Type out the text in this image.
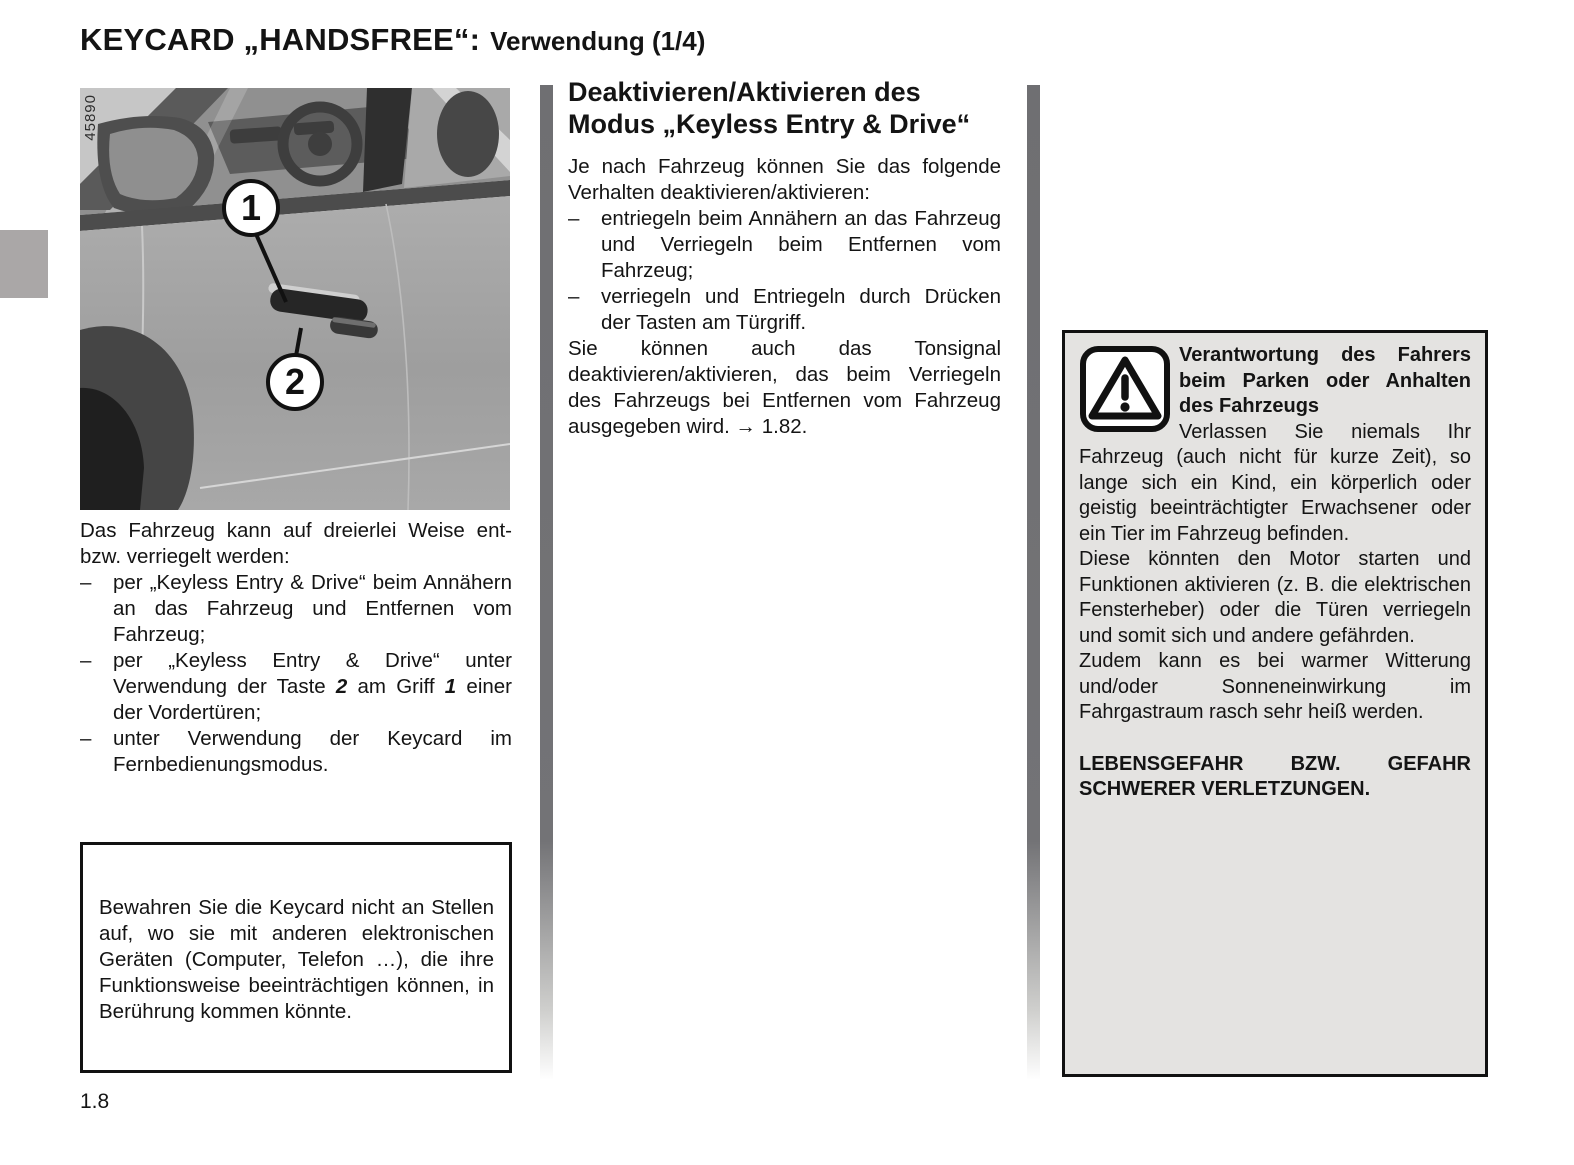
KEYCARD „HANDSFREE“: Verwendung (1/4)
45890
1
2

Das Fahrzeug kann auf dreierlei Weise ent- bzw. verriegelt werden:

–	per „Keyless Entry & Drive“ beim Annähern an das Fahrzeug und Entfernen vom Fahrzeug;
–	per „Keyless Entry & Drive“ unter Verwendung der Taste 2 am Griff 1 einer der Vordertüren;
–	unter Verwendung der Keycard im Fernbedienungsmodus.

Bewahren Sie die Keycard nicht an Stellen auf, wo sie mit anderen elektronischen Geräten (Computer, Telefon …), die ihre Funktionsweise beeinträchtigen können, in Berührung kommen könnte.

Deaktivieren/Aktivieren des Modus „Keyless Entry & Drive“

Je nach Fahrzeug können Sie das folgende Verhalten deaktivieren/aktivieren:

–	entriegeln beim Annähern an das Fahrzeug und Verriegeln beim Entfernen vom Fahrzeug;
–	verriegeln und Entriegeln durch Drücken der Tasten am Türgriff.

Sie können auch das Tonsignal deaktivieren/aktivieren, das beim Verriegeln des Fahrzeugs bei Entfernen vom Fahrzeug ausgegeben wird. → 1.82.

Verantwortung des Fahrers beim Parken oder Anhalten des Fahrzeugs

Verlassen Sie niemals Ihr Fahrzeug (auch nicht für kurze Zeit), so lange sich ein Kind, ein körperlich oder geistig beeinträchtigter Erwachsener oder ein Tier im Fahrzeug befinden.

Diese könnten den Motor starten und Funktionen aktivieren (z. B. die elektrischen Fensterheber) oder die Türen verriegeln und somit sich und andere gefährden.

Zudem kann es bei warmer Witterung und/oder Sonneneinwirkung im Fahrgastraum rasch sehr heiß werden.

LEBENSGEFAHR BZW. GEFAHR SCHWERER VERLETZUNGEN.

1.8
